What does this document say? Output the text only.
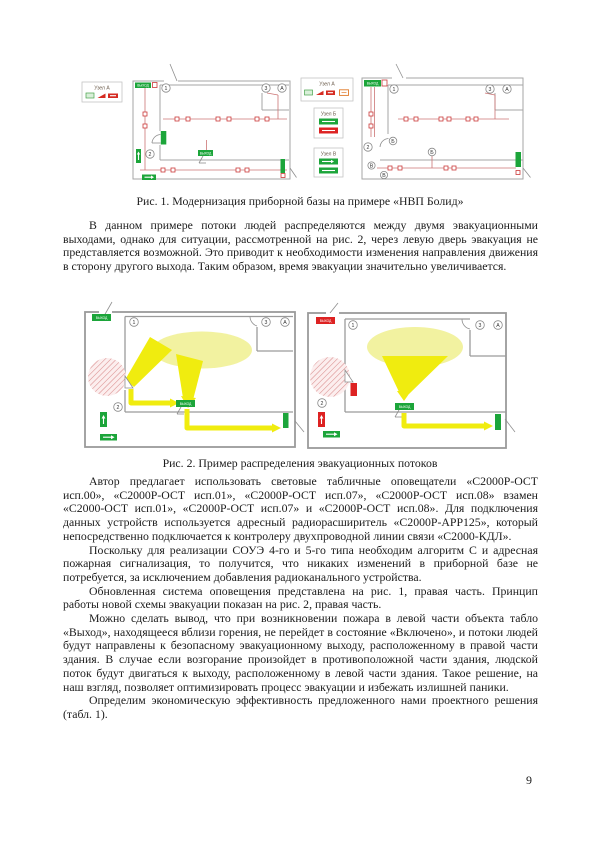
Узел А	ВЫХОД
ВЫХОД
1
2
3 А
Узел А
Узел Б
Узел В
ВЫХОД
1
2
3	А
Б
Б
В
В
Рис. 1. Модернизация приборной базы на примере «НВП Болид»

В данном примере потоки людей распределяются между двумя эвакуационными выходами, однако для ситуации, рассмотренной на рис. 2, через левую дверь эвакуация не представляется возможной. Это приводит к необходимости изменения направления движения в сторону другого выхода. Таким образом, время эвакуации значительно увеличивается.

ВЫХОД
ВЫХОД
1
2
3	А	ВЫХОД
ВЫХОД
1
2
3	А
Рис. 2. Пример распределения эвакуационных потоков

Автор предлагает использовать световые табличные оповещатели «С2000Р-ОСТ исп.00», «С2000Р-ОСТ исп.01», «С2000Р-ОСТ исп.07», «С2000Р-ОСТ исп.08» взамен «С2000-ОСТ исп.01», «С2000Р-ОСТ исп.07» и «С2000Р-ОСТ исп.08». Для подключения данных устройств используется адресный радиорасширитель «С2000Р-АРР125», который непосредственно подключается к контролеру двухпроводной линии связи «С2000-КДЛ».

Поскольку для реализации СОУЭ 4-го и 5-го типа необходим алгоритм С и адресная пожарная сигнализация, то получится, что никаких изменений в приборной базе не потребуется, за исключением добавления радиоканального устройства.

Обновленная система оповещения представлена на рис. 1, правая часть. Принцип работы новой схемы эвакуации показан на рис. 2, правая часть.

Можно сделать вывод, что при возникновении пожара в левой части объекта табло «Выход», находящееся вблизи горения, не перейдет в состояние «Включено», и потоки людей будут направлены к безопасному эвакуационному выходу, расположенному в правой части здания. В случае если возгорание произойдет в противоположной части здания, людской поток будут двигаться к выходу, расположенному в левой части здания. Такое решение, на наш взгляд, позволяет оптимизировать процесс эвакуации и избежать излишней паники.

Определим экономическую эффективность предложенного нами проектного решения (табл. 1).

9
